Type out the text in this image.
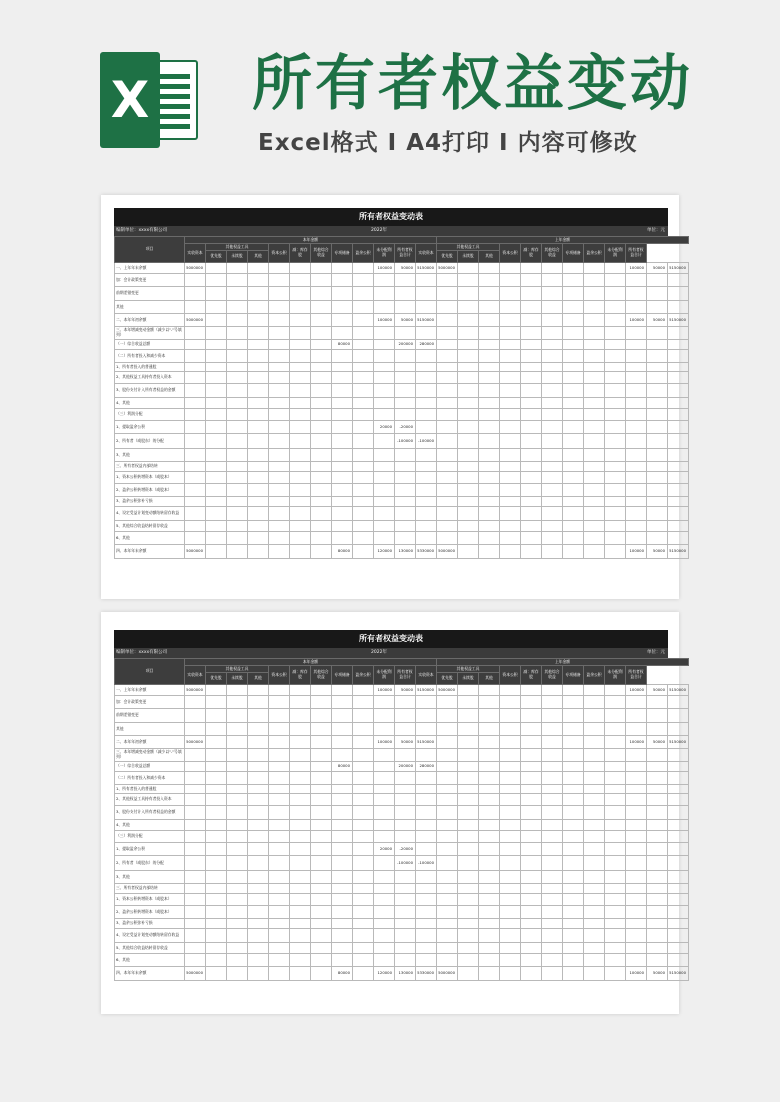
X 所有者权益变动
Excel格式 I A4打印 I 内容可修改
所有者权益变动表
编制单位：xxxx有限公司	2022年	单位：元
项目	本年金额												上年金额											
	实收资本	其他权益工具			资本公积	减：库存股	其他综合收益	专项储备	盈余公积	未分配利润	所有者权益合计	实收资本	其他权益工具			资本公积	减：库存股	其他综合收益	专项储备	盈余公积	未分配利润	所有者权益合计		
		优先股	永续股	其他									优先股	永续股	其他									
一、上年年末余额	5000000									100000	50000	5150000	5000000									100000	50000	5150000
加：会计政策变更																								
前期差错变更																								
其他																								
二、本年年初余额	5000000									100000	50000	5150000										100000	50000	5150000
三、本年增减变动金额（减少以"-"号填列）																								
（一）综合收益总额								80000			200000	280000												
（二）所有者投入和减少资本																								
1、所有者投入的普通股																								
2、其他权益工具持有者投入资本																								
3、股份支付计入所有者权益的金额																								
4、其他																								
（三）利润分配																								
1、提取盈余公积										20000	-20000													
2、所有者（或股东）的分配											-100000	-100000												
3、其他																								
三、所有者权益内部结转																								
1、资本公积转增资本（或股本）																								
2、盈余公积转增资本（或股本）																								
3、盈余公积弥补亏损																								
4、设定受益计划变动额结转留存收益																								
5、其他综合收益结转留存收益																								
6、其他																								
四、本年年末余额	5000000							80000		120000	130000	5330000	5000000									100000	50000	5150000
所有者权益变动表
编制单位：xxxx有限公司	2022年	单位：元
项目	本年金额												上年金额											
	实收资本	其他权益工具			资本公积	减：库存股	其他综合收益	专项储备	盈余公积	未分配利润	所有者权益合计	实收资本	其他权益工具			资本公积	减：库存股	其他综合收益	专项储备	盈余公积	未分配利润	所有者权益合计		
		优先股	永续股	其他									优先股	永续股	其他									
一、上年年末余额	5000000									100000	50000	5150000	5000000									100000	50000	5150000
加：会计政策变更																								
前期差错变更																								
其他																								
二、本年年初余额	5000000									100000	50000	5150000										100000	50000	5150000
三、本年增减变动金额（减少以"-"号填列）																								
（一）综合收益总额								80000			200000	280000												
（二）所有者投入和减少资本																								
1、所有者投入的普通股																								
2、其他权益工具持有者投入资本																								
3、股份支付计入所有者权益的金额																								
4、其他																								
（三）利润分配																								
1、提取盈余公积										20000	-20000													
2、所有者（或股东）的分配											-100000	-100000												
3、其他																								
三、所有者权益内部结转																								
1、资本公积转增资本（或股本）																								
2、盈余公积转增资本（或股本）																								
3、盈余公积弥补亏损																								
4、设定受益计划变动额结转留存收益																								
5、其他综合收益结转留存收益																								
6、其他																								
四、本年年末余额	5000000							80000		120000	130000	5330000	5000000									100000	50000	5150000
